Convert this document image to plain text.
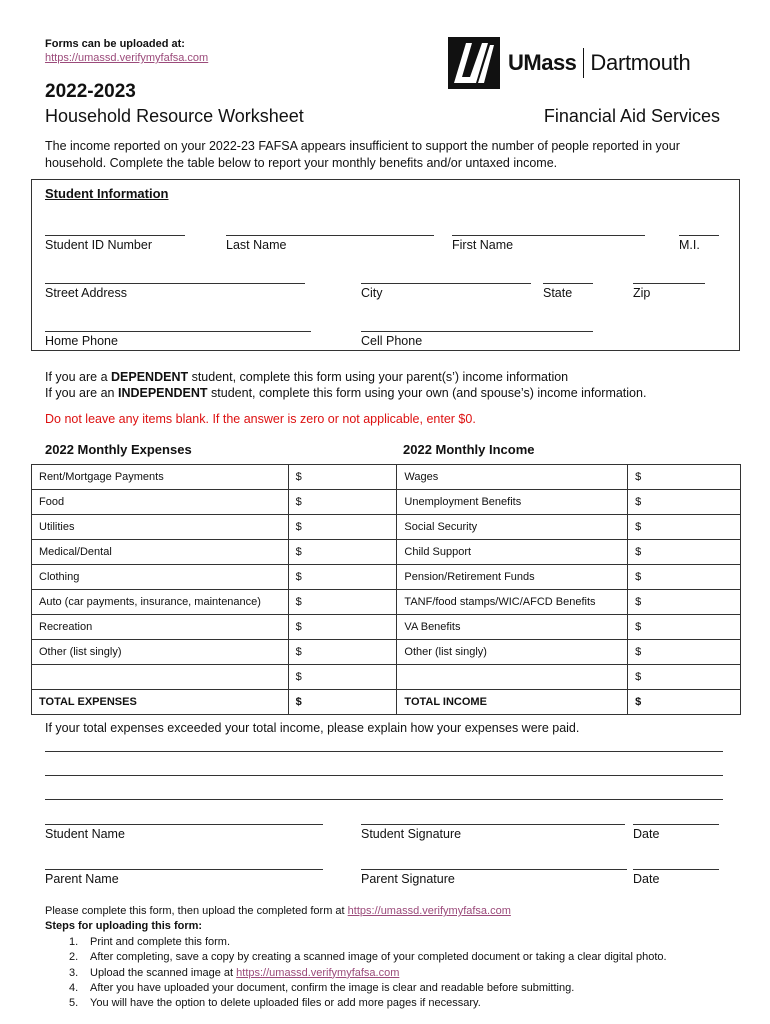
Forms can be uploaded at:
https://umassd.verifymyfafsa.com	UMass Dartmouth
2022-2023
Household Resource Worksheet	Financial Aid Services
The income reported on your 2022-23 FAFSA appears insufficient to support the number of people reported in your household. Complete the table below to report your monthly benefits and/or untaxed income.
Student Information
Student ID Number	Last Name	First Name	M.I.
Street Address	City	State	Zip
Home Phone	Cell Phone
If you are a DEPENDENT student, complete this form using your parent(s’) income information
If you are an INDEPENDENT student, complete this form using your own (and spouse’s) income information.
Do not leave any items blank. If the answer is zero or not applicable, enter $0.
2022 Monthly Expenses	2022 Monthly Income
Rent/Mortgage Payments	$	Wages	$
Food	$	Unemployment Benefits	$
Utilities	$	Social Security	$
Medical/Dental	$	Child Support	$
Clothing	$	Pension/Retirement Funds	$
Auto (car payments, insurance, maintenance)	$	TANF/food stamps/WIC/AFCD Benefits	$
Recreation	$	VA Benefits	$
Other (list singly)	$	Other (list singly)	$
	$		$
TOTAL EXPENSES	$	TOTAL INCOME	$
If your total expenses exceeded your total income, please explain how your expenses were paid.
Student Name	Student Signature	Date
Parent Name	Parent Signature	Date
Please complete this form, then upload the completed form at https://umassd.verifymyfafsa.com
Steps for uploading this form:
1. Print and complete this form.
2. After completing, save a copy by creating a scanned image of your completed document or taking a clear digital photo.
3. Upload the scanned image at https://umassd.verifymyfafsa.com
4. After you have uploaded your document, confirm the image is clear and readable before submitting.
5. You will have the option to delete uploaded files or add more pages if necessary.
